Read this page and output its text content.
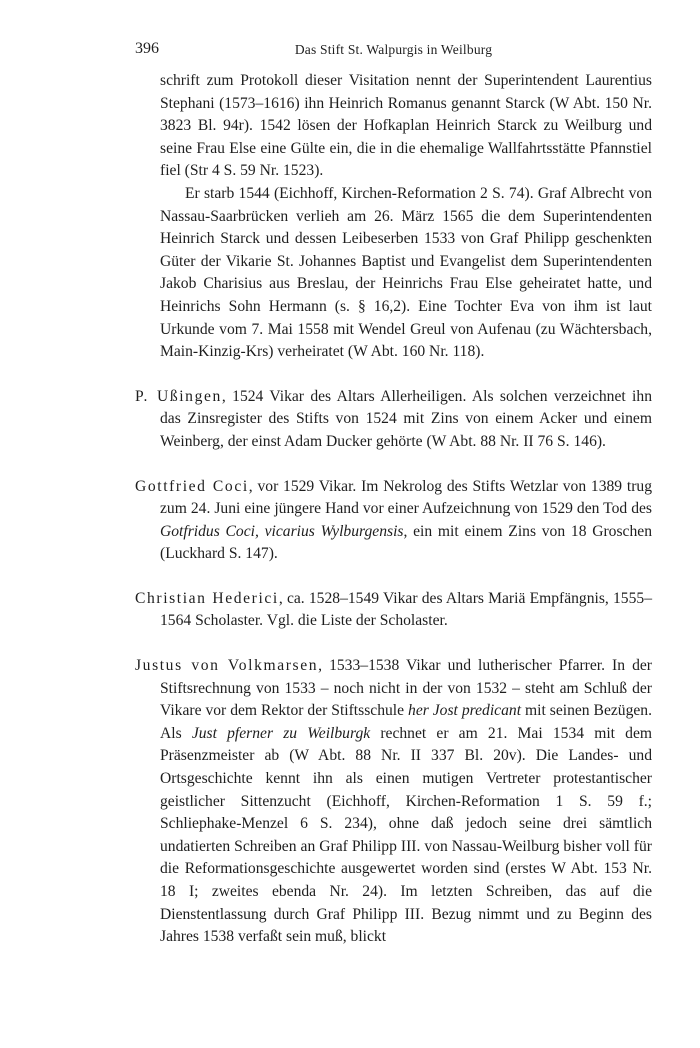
396	Das Stift St. Walpurgis in Weilburg

schrift zum Protokoll dieser Visitation nennt der Superintendent Laurentius Stephani (1573–1616) ihn Heinrich Romanus genannt Starck (W Abt. 150 Nr. 3823 Bl. 94r). 1542 lösen der Hofkaplan Heinrich Starck zu Weilburg und seine Frau Else eine Gülte ein, die in die ehemalige Wallfahrtsstätte Pfannstiel fiel (Str 4 S. 59 Nr. 1523).

Er starb 1544 (Eichhoff, Kirchen-Reformation 2 S. 74). Graf Albrecht von Nassau-Saarbrücken verlieh am 26. März 1565 die dem Superintendenten Heinrich Starck und dessen Leibeserben 1533 von Graf Philipp geschenkten Güter der Vikarie St. Johannes Baptist und Evangelist dem Superintendenten Jakob Charisius aus Breslau, der Heinrichs Frau Else geheiratet hatte, und Heinrichs Sohn Hermann (s. § 16,2). Eine Tochter Eva von ihm ist laut Urkunde vom 7. Mai 1558 mit Wendel Greul von Aufenau (zu Wächtersbach, Main-Kinzig-Krs) verheiratet (W Abt. 160 Nr. 118).

P. Ußingen, 1524 Vikar des Altars Allerheiligen. Als solchen verzeichnet ihn das Zinsregister des Stifts von 1524 mit Zins von einem Acker und einem Weinberg, der einst Adam Ducker gehörte (W Abt. 88 Nr. II 76 S. 146).

Gottfried Coci, vor 1529 Vikar. Im Nekrolog des Stifts Wetzlar von 1389 trug zum 24. Juni eine jüngere Hand vor einer Aufzeichnung von 1529 den Tod des Gotfridus Coci, vicarius Wylburgensis, ein mit einem Zins von 18 Groschen (Luckhard S. 147).

Christian Hederici, ca. 1528–1549 Vikar des Altars Mariä Empfängnis, 1555–1564 Scholaster. Vgl. die Liste der Scholaster.

Justus von Volkmarsen, 1533–1538 Vikar und lutherischer Pfarrer. In der Stiftsrechnung von 1533 – noch nicht in der von 1532 – steht am Schluß der Vikare vor dem Rektor der Stiftsschule her Jost predicant mit seinen Bezügen. Als Just pferner zu Weilburgk rechnet er am 21. Mai 1534 mit dem Präsenzmeister ab (W Abt. 88 Nr. II 337 Bl. 20v). Die Landes- und Ortsgeschichte kennt ihn als einen mutigen Vertreter protestantischer geistlicher Sittenzucht (Eichhoff, Kirchen-Reformation 1 S. 59 f.; Schliephake-Menzel 6 S. 234), ohne daß jedoch seine drei sämtlich undatierten Schreiben an Graf Philipp III. von Nassau-Weilburg bisher voll für die Reformationsgeschichte ausgewertet worden sind (erstes W Abt. 153 Nr. 18 I; zweites ebenda Nr. 24). Im letzten Schreiben, das auf die Dienstentlassung durch Graf Philipp III. Bezug nimmt und zu Beginn des Jahres 1538 verfaßt sein muß, blickt
